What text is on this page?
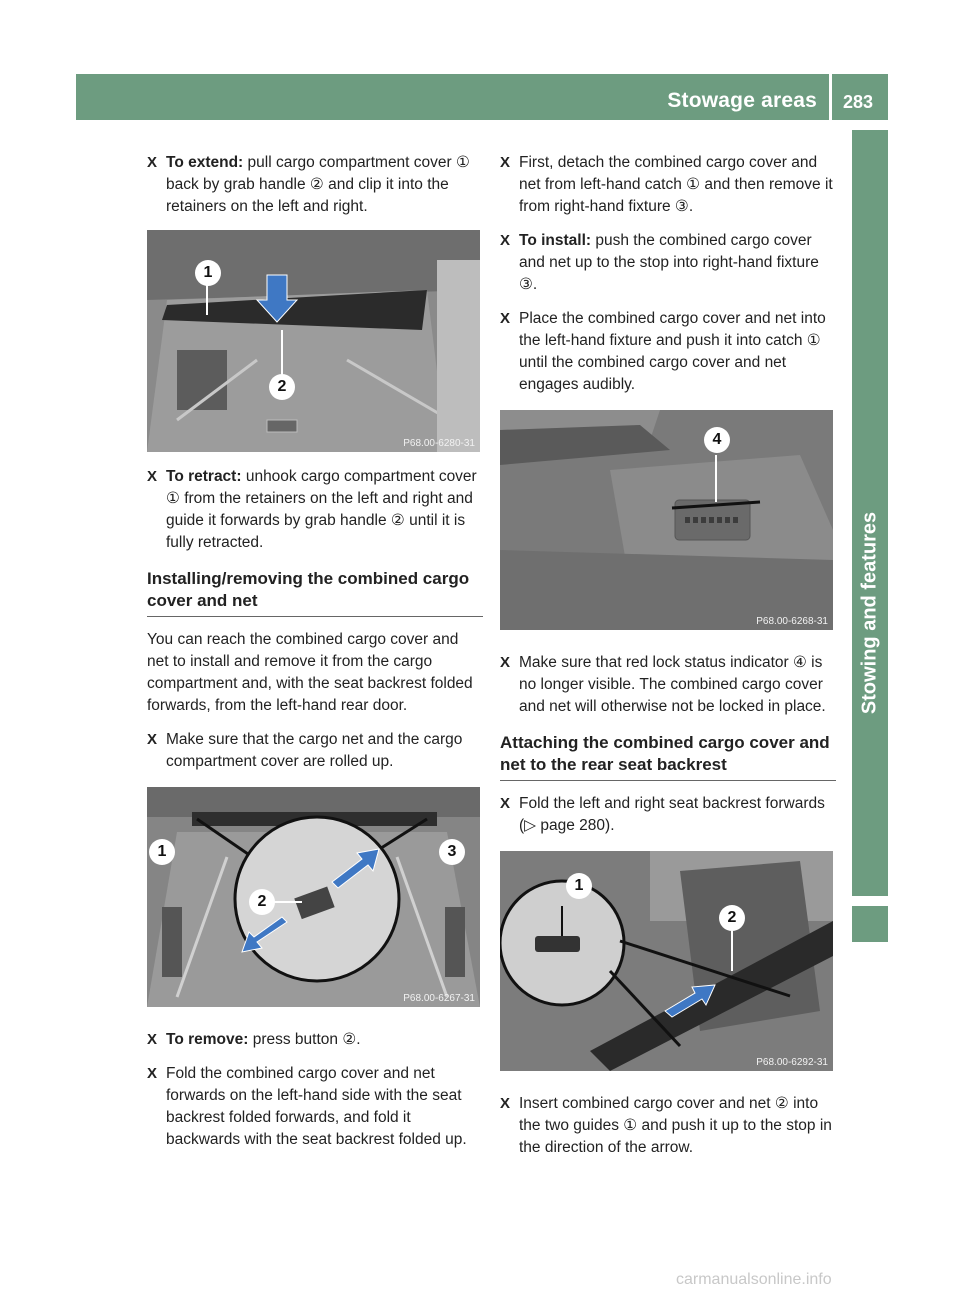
Stowage areas 283
Stowing and features
X To extend: pull cargo compartment cover ① back by grab handle ② and clip it into the retainers on the left and right.
1
2
P68.00-6280-31
X To retract: unhook cargo compartment cover ① from the retainers on the left and right and guide it forwards by grab handle ② until it is fully retracted.
Installing/removing the combined cargo cover and net
You can reach the combined cargo cover and net to install and remove it from the cargo compartment and, with the seat backrest folded forwards, from the left-hand rear door.
X Make sure that the cargo net and the cargo compartment cover are rolled up.
1
2
3
P68.00-6267-31
X To remove: press button ②.
X Fold the combined cargo cover and net forwards on the left-hand side with the seat backrest folded forwards, and fold it backwards with the seat backrest folded up.
X First, detach the combined cargo cover and net from left-hand catch ① and then remove it from right-hand fixture ③.
X To install: push the combined cargo cover and net up to the stop into right-hand fixture ③.
X Place the combined cargo cover and net into the left-hand fixture and push it into catch ① until the combined cargo cover and net engages audibly.
4
P68.00-6268-31
X Make sure that red lock status indicator ④ is no longer visible. The combined cargo cover and net will otherwise not be locked in place.
Attaching the combined cargo cover and net to the rear seat backrest
X Fold the left and right seat backrest forwards (▷ page 280).
1
2
P68.00-6292-31
X Insert combined cargo cover and net ② into the two guides ① and push it up to the stop in the direction of the arrow.
carmanualsonline.info
